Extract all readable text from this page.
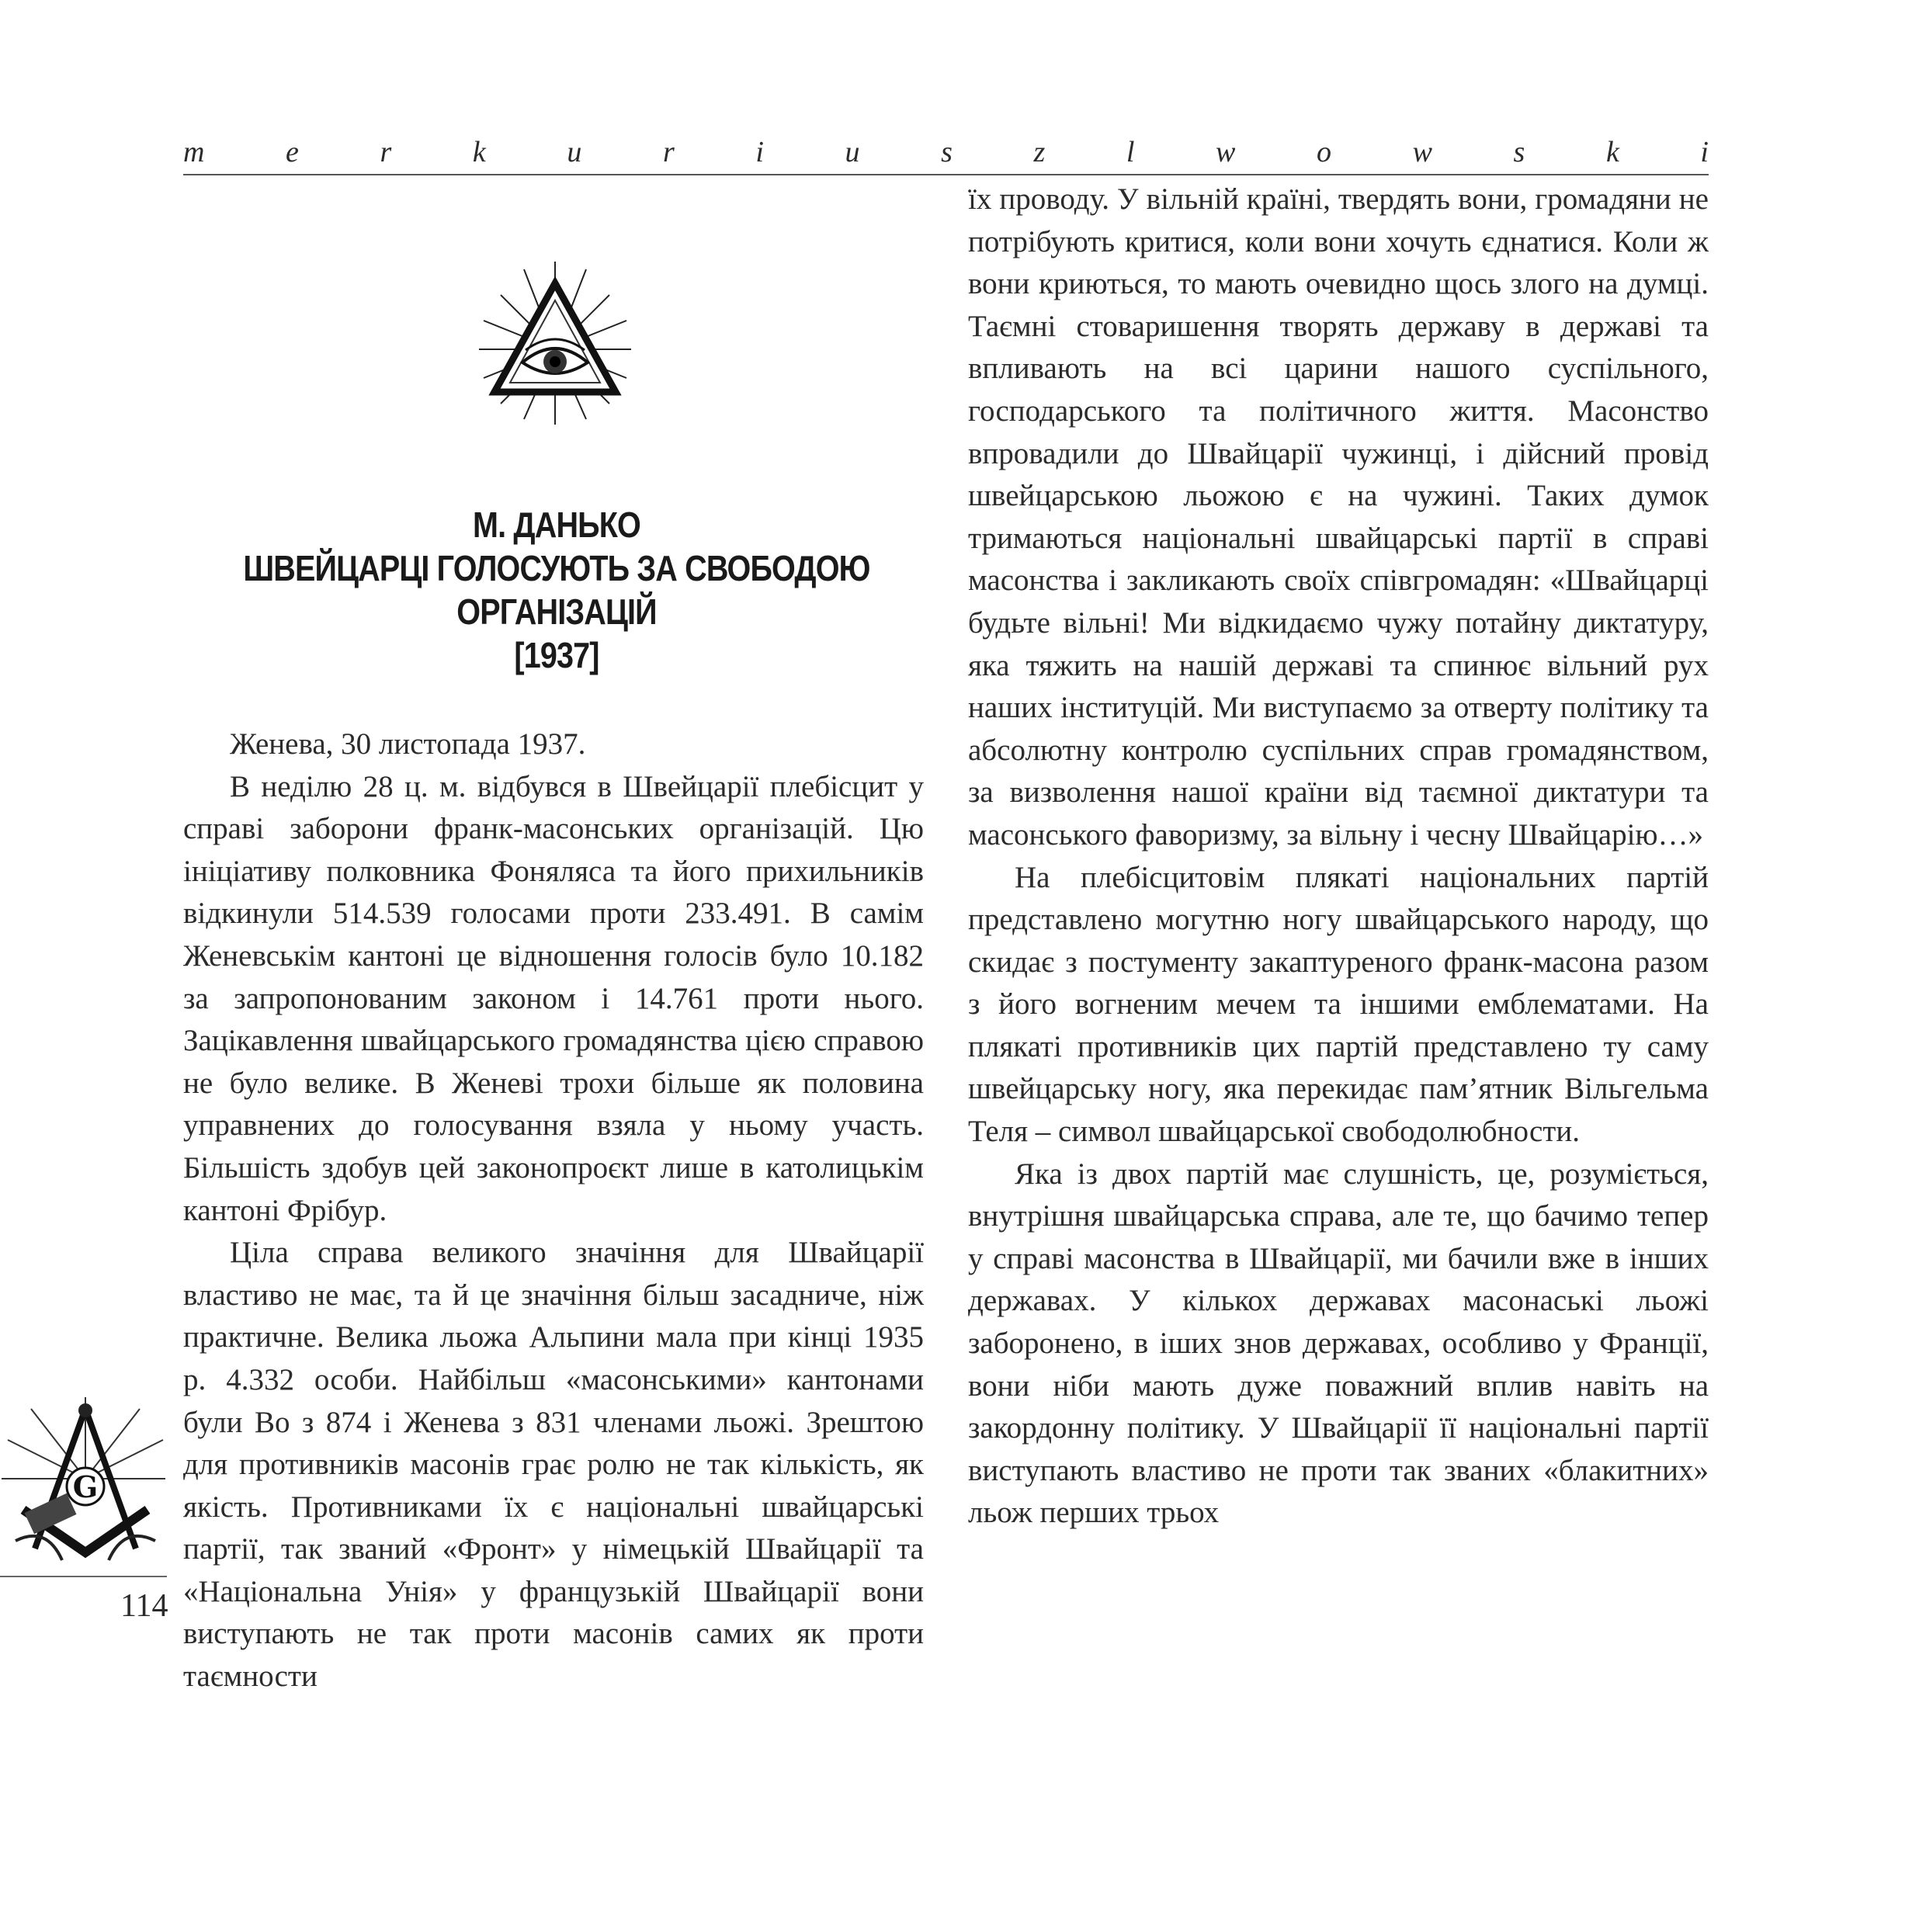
m	e	r	k	u	r	i	u	s	z	l	w	o	w	s	k	i
М. ДАНЬКО
ШВЕЙЦАРЦІ ГОЛОСУЮТЬ ЗА СВОБОДОЮ
ОРГАНІЗАЦІЙ
[1937]

Женева, 30 листопада 1937.

В неділю 28 ц. м. відбувся в Швейцарії плебісцит у справі заборони франк-масонських організацій. Цю ініціативу полковника Фоняляса та його прихильників відкинули 514.539 голосами проти 233.491. В самім Женевськім кантоні це відношення голосів було 10.182 за запропонованим законом і 14.761 проти нього. Зацікавлення швайцарського громадянства цією справою не було велике. В Женеві трохи більше як половина управнених до голосування взяла у ньому участь. Більшість здобув цей законопроєкт лише в католицькім кантоні Фрібур.

Ціла справа великого значіння для Швайцарії властиво не має, та й це значіння більш засадниче, ніж практичне. Велика льожа Альпини мала при кінці 1935 р. 4.332 особи. Найбільш «масонськими» кантонами були Во з 874 і Женева з 831 членами льожі. Зрештою для противників масонів грає ролю не так кількість, як якість. Противниками їх є національні швайцарські партії, так званий «Фронт» у німецькій Швайцарії та «Національна Унія» у французькій Швайцарії вони виступають не так проти масонів самих як проти таємности

їх проводу. У вільній країні, твердять вони, громадяни не потрібують критися, коли вони хочуть єднатися. Коли ж вони криються, то мають очевидно щось злого на думці. Таємні стоваришення творять державу в державі та впливають на всі царини нашого суспільного, господарського та політичного життя. Масонство впровадили до Швайцарії чужинці, і дійсний провід швейцарською льожою є на чужині. Таких думок тримаються національні швайцарські партії в справі масонства і закликають своїх співгромадян: «Швайцарці будьте вільні! Ми відкидаємо чужу потайну диктатуру, яка тяжить на нашій державі та спинює вільний рух наших інституцій. Ми виступаємо за отверту політику та абсолютну контролю суспільних справ громадянством, за визволення нашої країни від таємної диктатури та масонського фаворизму, за вільну і чесну Швайцарію…»

На плебісцитовім плякаті національних партій представлено могутню ногу швайцарського народу, що скидає з постументу закаптуреного франк-масона разом з його вогненим мечем та іншими емблематами. На плякаті противників цих партій представлено ту саму швейцарську ногу, яка перекидає пам’ятник Вільгельма Теля – символ швайцарської свободолюбности.

Яка із двох партій має слушність, це, розуміється, внутрішня швайцарська справа, але те, що бачимо тепер у справі масонства в Швайцарії, ми бачили вже в інших державах. У кількох державах масонаські льожі заборонено, в іших знов державах, особливо у Франції, вони ніби мають дуже поважний вплив навіть на закордонну політику. У Швайцарії її національні партії виступають властиво не проти так званих «блакитних» льож перших трьох

G
114
